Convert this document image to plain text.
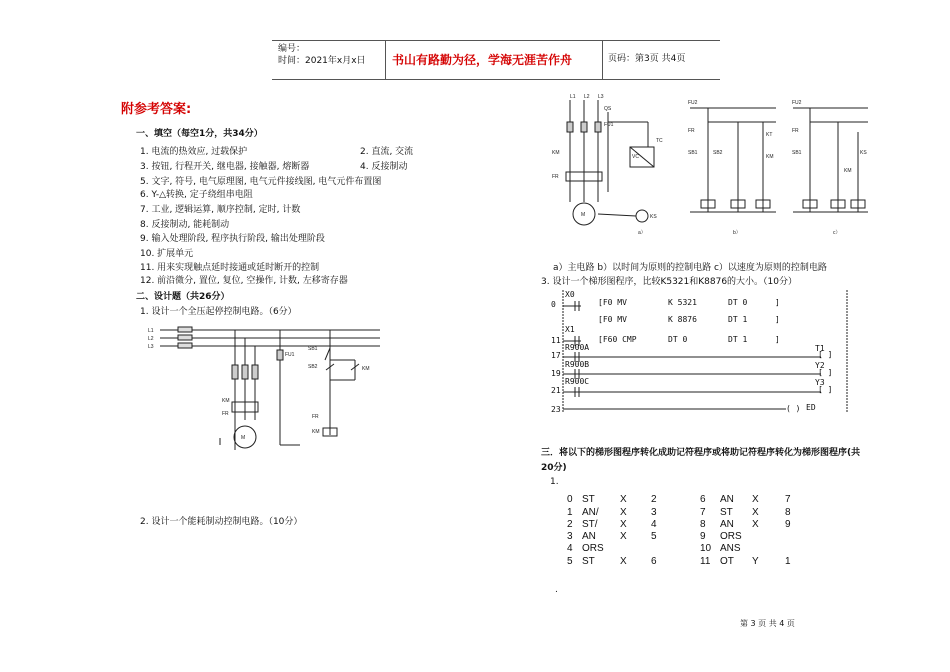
编号：
时间：2021年x月x日 书山有路勤为径，学海无涯苦作舟	页码：第3页 共4页
附参考答案:
一、填空（每空1分，共34分）
1. 电流的热效应, 过载保护	2. 直流, 交流
3. 按钮, 行程开关, 继电器, 接触器, 熔断器	4. 反接制动
5. 文字, 符号, 电气原理图, 电气元件接线图, 电气元件布置图
6. Y-△转换, 定子绕组串电阻
7. 工业, 逻辑运算, 顺序控制, 定时, 计数
8. 反接制动, 能耗制动
9. 输入处理阶段, 程序执行阶段, 输出处理阶段
10. 扩展单元
11. 用来实现触点延时接通或延时断开的控制
12. 前沿微分, 置位, 复位, 空操作, 计数, 左移寄存器
二、设计题（共26分）
1. 设计一个全压起停控制电路。（6分）
2. 设计一个能耗制动控制电路。（10分）
L1
L2
L3
KM
FR
M
FU1
SB1
SB2	KM
FR
KM
L1 L2 L3
QS
FU1
TC
VC
KM
FR
M	KS
a）
FU2
FR
SB1	SB2
KT
KM
b）
FU2
FR
SB1	KS
KM
c）
a）主电路 b）以时间为原则的控制电路 c）以速度为原则的控制电路
3. 设计一个梯形图程序，比较K5321和K8876的大小。（10分）
X0
0	[F0 MV	K 5321	DT 0	]
[F0 MV	K 8876	DT 1	]
X1
11	[F60 CMP	DT 0	DT 1	]
R900A
17
T1
R900B
19
Y2
R900C
21
Y3
23	ED
[ ]
[ ]
[ ]
( )
三．将以下的梯形图程序转化成助记符程序或将助记符程序转化为梯形图程序(共20分)
1.
0 ST	X 2
1 AN/ X 3
2 ST/ X 4
3 AN X 5
4 ORS
5 ST	X 6
6 AN X	7
7 ST X	8
8 AN X	9
9 ORS
10 ANS
11 OT Y	1
.
第 3 页 共 4 页
